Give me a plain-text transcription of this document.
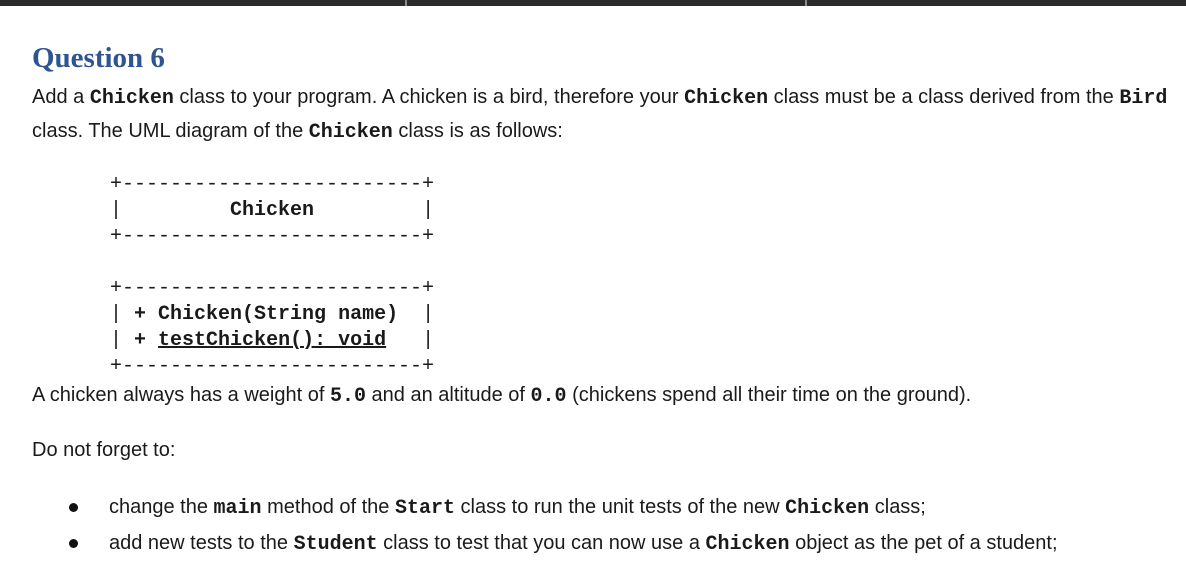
Question 6

Add a Chicken class to your program. A chicken is a bird, therefore your Chicken class must be a class derived from the Bird class. The UML diagram of the Chicken class is as follows:

+-------------------------+
|	Chicken	|
+-------------------------+

+-------------------------+
| + Chicken(String name) |
| + testChicken(): void |
+-------------------------+

A chicken always has a weight of 5.0 and an altitude of 0.0 (chickens spend all their time on the ground).

Do not forget to:

change the main method of the Start class to run the unit tests of the new Chicken class;
add new tests to the Student class to test that you can now use a Chicken object as the pet of a student;
